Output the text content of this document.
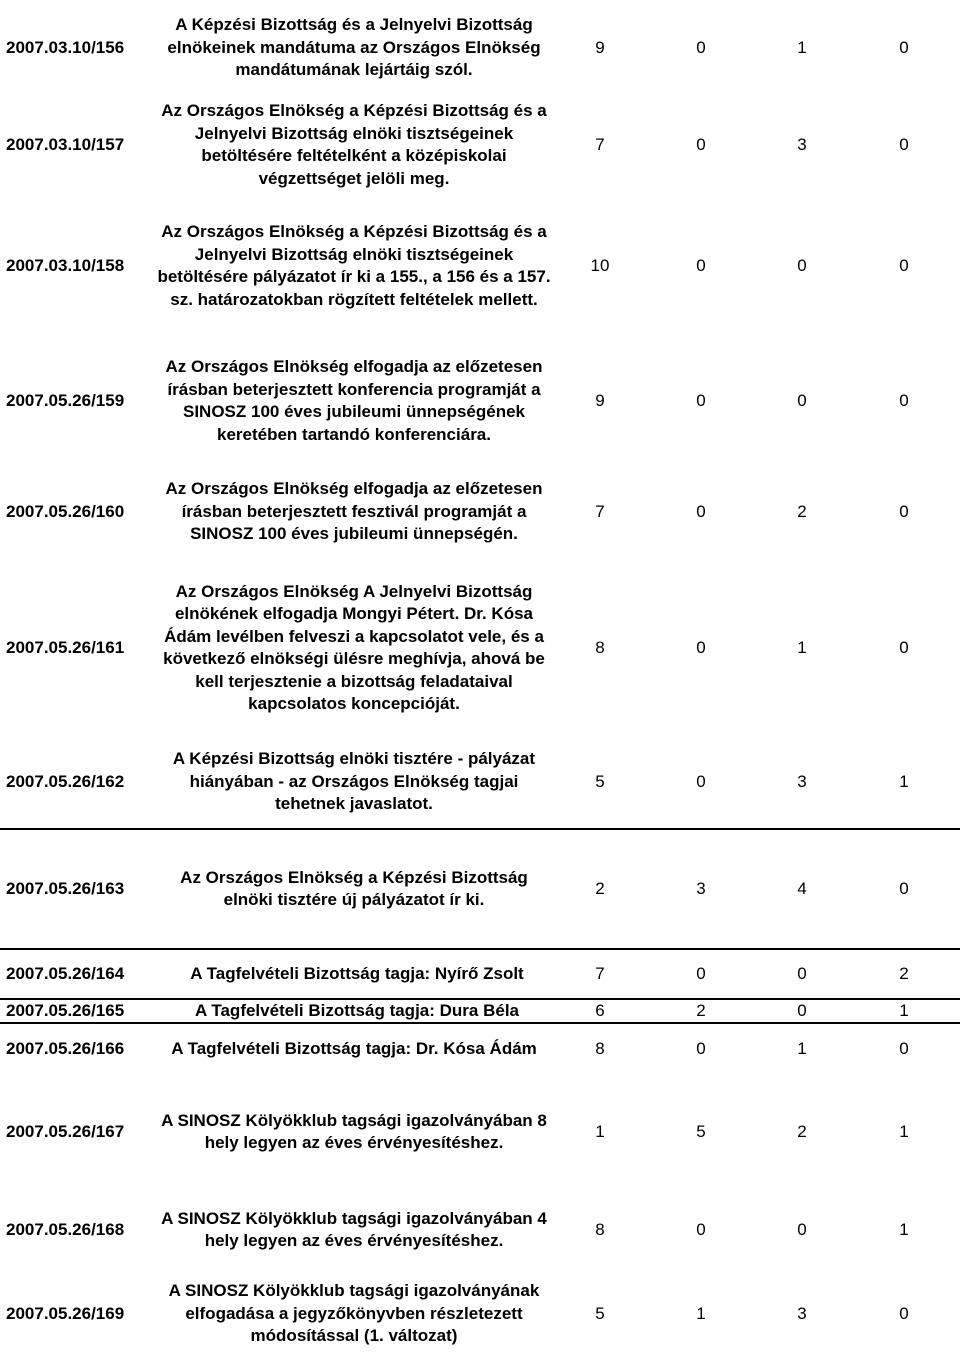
2007.03.10/156
A Képzési Bizottság és a Jelnyelvi Bizottság elnökeinek mandátuma az Országos Elnökség mandátumának lejártáig szól.
9	0	1	0
2007.03.10/157
Az Országos Elnökség a Képzési Bizottság és a Jelnyelvi Bizottság elnöki tisztségeinek betöltésére feltételként a középiskolai végzettséget jelöli meg.
7	0	3	0
2007.03.10/158
Az Országos Elnökség a Képzési Bizottság és a Jelnyelvi Bizottság elnöki tisztségeinek betöltésére pályázatot ír ki a 155., a 156 és a 157. sz. határozatokban rögzített feltételek mellett.
10	0	0	0
2007.05.26/159
Az Országos Elnökség elfogadja az előzetesen írásban beterjesztett konferencia programját a SINOSZ 100 éves jubileumi ünnepségének keretében tartandó konferenciára.
9	0	0	0
2007.05.26/160
Az Országos Elnökség elfogadja az előzetesen írásban beterjesztett fesztivál programját a SINOSZ 100 éves jubileumi ünnepségén.
7	0	2	0
2007.05.26/161
Az Országos Elnökség A Jelnyelvi Bizottság elnökének elfogadja Mongyi Pétert. Dr. Kósa Ádám levélben felveszi a kapcsolatot vele, és a következő elnökségi ülésre meghívja, ahová be kell terjesztenie a bizottság feladataival kapcsolatos koncepcióját.
8	0	1	0
2007.05.26/162
A Képzési Bizottság elnöki tisztére - pályázat hiányában - az Országos Elnökség tagjai tehetnek javaslatot.
5	0	3	1
2007.05.26/163
Az Országos Elnökség a Képzési Bizottság elnöki tisztére új pályázatot ír ki.
2	3	4	0
2007.05.26/164	A Tagfelvételi Bizottság tagja: Nyírő Zsolt	7	0	0	2
2007.05.26/165	A Tagfelvételi Bizottság tagja: Dura Béla	6	2	0	1
2007.05.26/166	A Tagfelvételi Bizottság tagja: Dr. Kósa Ádám	8	0	1	0
2007.05.26/167
A SINOSZ Kölyökklub tagsági igazolványában 8 hely legyen az éves érvényesítéshez.
1	5	2	1
2007.05.26/168
A SINOSZ Kölyökklub tagsági igazolványában 4 hely legyen az éves érvényesítéshez.
8	0	0	1
2007.05.26/169
A SINOSZ Kölyökklub tagsági igazolványának elfogadása a jegyzőkönyvben részletezett módosítással (1. változat)
5	1	3	0
